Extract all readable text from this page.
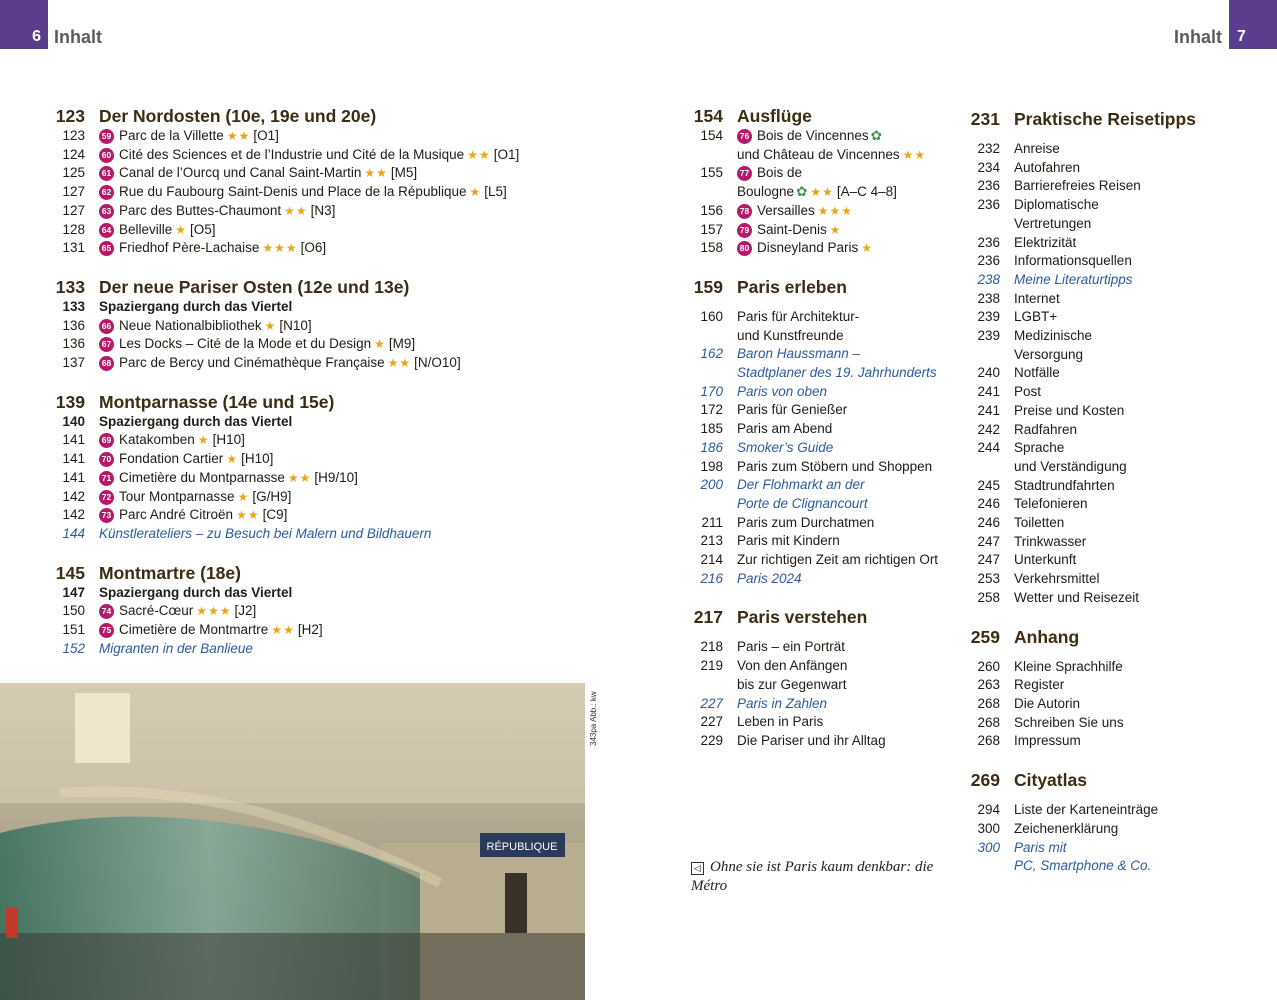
6 Inhalt	Inhalt 7
123 Der Nordosten (10e, 19e und 20e)
123	59 Parc de la Villette ★★ [O1]
124	60 Cité des Sciences et de l’Industrie und Cité de la Musique ★★ [O1]
125	61 Canal de l’Ourcq und Canal Saint-Martin ★★ [M5]
127	62 Rue du Faubourg Saint-Denis und Place de la République ★ [L5]
127	63 Parc des Buttes-Chaumont ★★ [N3]
128	64 Belleville ★ [O5]
131	65 Friedhof Père-Lachaise ★★★ [O6]
133 Der neue Pariser Osten (12e und 13e)
133	Spaziergang durch das Viertel
136	66 Neue Nationalbibliothek ★ [N10]
136	67 Les Docks – Cité de la Mode et du Design ★ [M9]
137	68 Parc de Bercy und Cinémathèque Française ★★ [N/O10]
139 Montparnasse (14e und 15e)
140	Spaziergang durch das Viertel
141	69 Katakomben ★ [H10]
141	70 Fondation Cartier ★ [H10]
141	71 Cimetière du Montparnasse ★★ [H9/10]
142	72 Tour Montparnasse ★ [G/H9]
142	73 Parc André Citroën ★★ [C9]
144	Künstlerateliers – zu Besuch bei Malern und Bildhauern
145 Montmartre (18e)
147	Spaziergang durch das Viertel
150	74 Sacré-Cœur ★★★ [J2]
151	75 Cimetière de Montmartre ★★ [H2]
152	Migranten in der Banlieue
RÉPUBLIQUE
343pa Abb.: kw
154 Ausflüge
154	76 Bois de Vincennes ✿
und Château de Vincennes ★★
155	77 Bois de
Boulogne ✿ ★★ [A–C 4–8]
156	78 Versailles ★★★
157	79 Saint-Denis ★
158	80 Disneyland Paris ★
159 Paris erleben
160	Paris für Architektur-
und Kunstfreunde
162	Baron Haussmann –
Stadtplaner des 19. Jahrhunderts
170	Paris von oben
172	Paris für Genießer
185	Paris am Abend
186	Smoker’s Guide
198	Paris zum Stöbern und Shoppen
200	Der Flohmarkt an der
Porte de Clignancourt
211	Paris zum Durchatmen
213	Paris mit Kindern
214	Zur richtigen Zeit am richtigen Ort
216	Paris 2024
217 Paris verstehen
218	Paris – ein Porträt
219	Von den Anfängen
bis zur Gegenwart
227	Paris in Zahlen
227	Leben in Paris
229	Die Pariser und ihr Alltag
◁ Ohne sie ist Paris kaum denkbar: die Métro
231 Praktische Reisetipps
232	Anreise
234	Autofahren
236	Barrierefreies Reisen
236	Diplomatische
Vertretungen
236	Elektrizität
236	Informationsquellen
238	Meine Literaturtipps
238	Internet
239	LGBT+
239	Medizinische
Versorgung
240	Notfälle
241	Post
241	Preise und Kosten
242	Radfahren
244	Sprache
und Verständigung
245	Stadtrundfahrten
246	Telefonieren
246	Toiletten
247	Trinkwasser
247	Unterkunft
253	Verkehrsmittel
258	Wetter und Reisezeit
259 Anhang
260	Kleine Sprachhilfe
263	Register
268	Die Autorin
268	Schreiben Sie uns
268	Impressum
269 Cityatlas
294	Liste der Karteneinträge
300	Zeichenerklärung
300	Paris mit
PC, Smartphone & Co.
